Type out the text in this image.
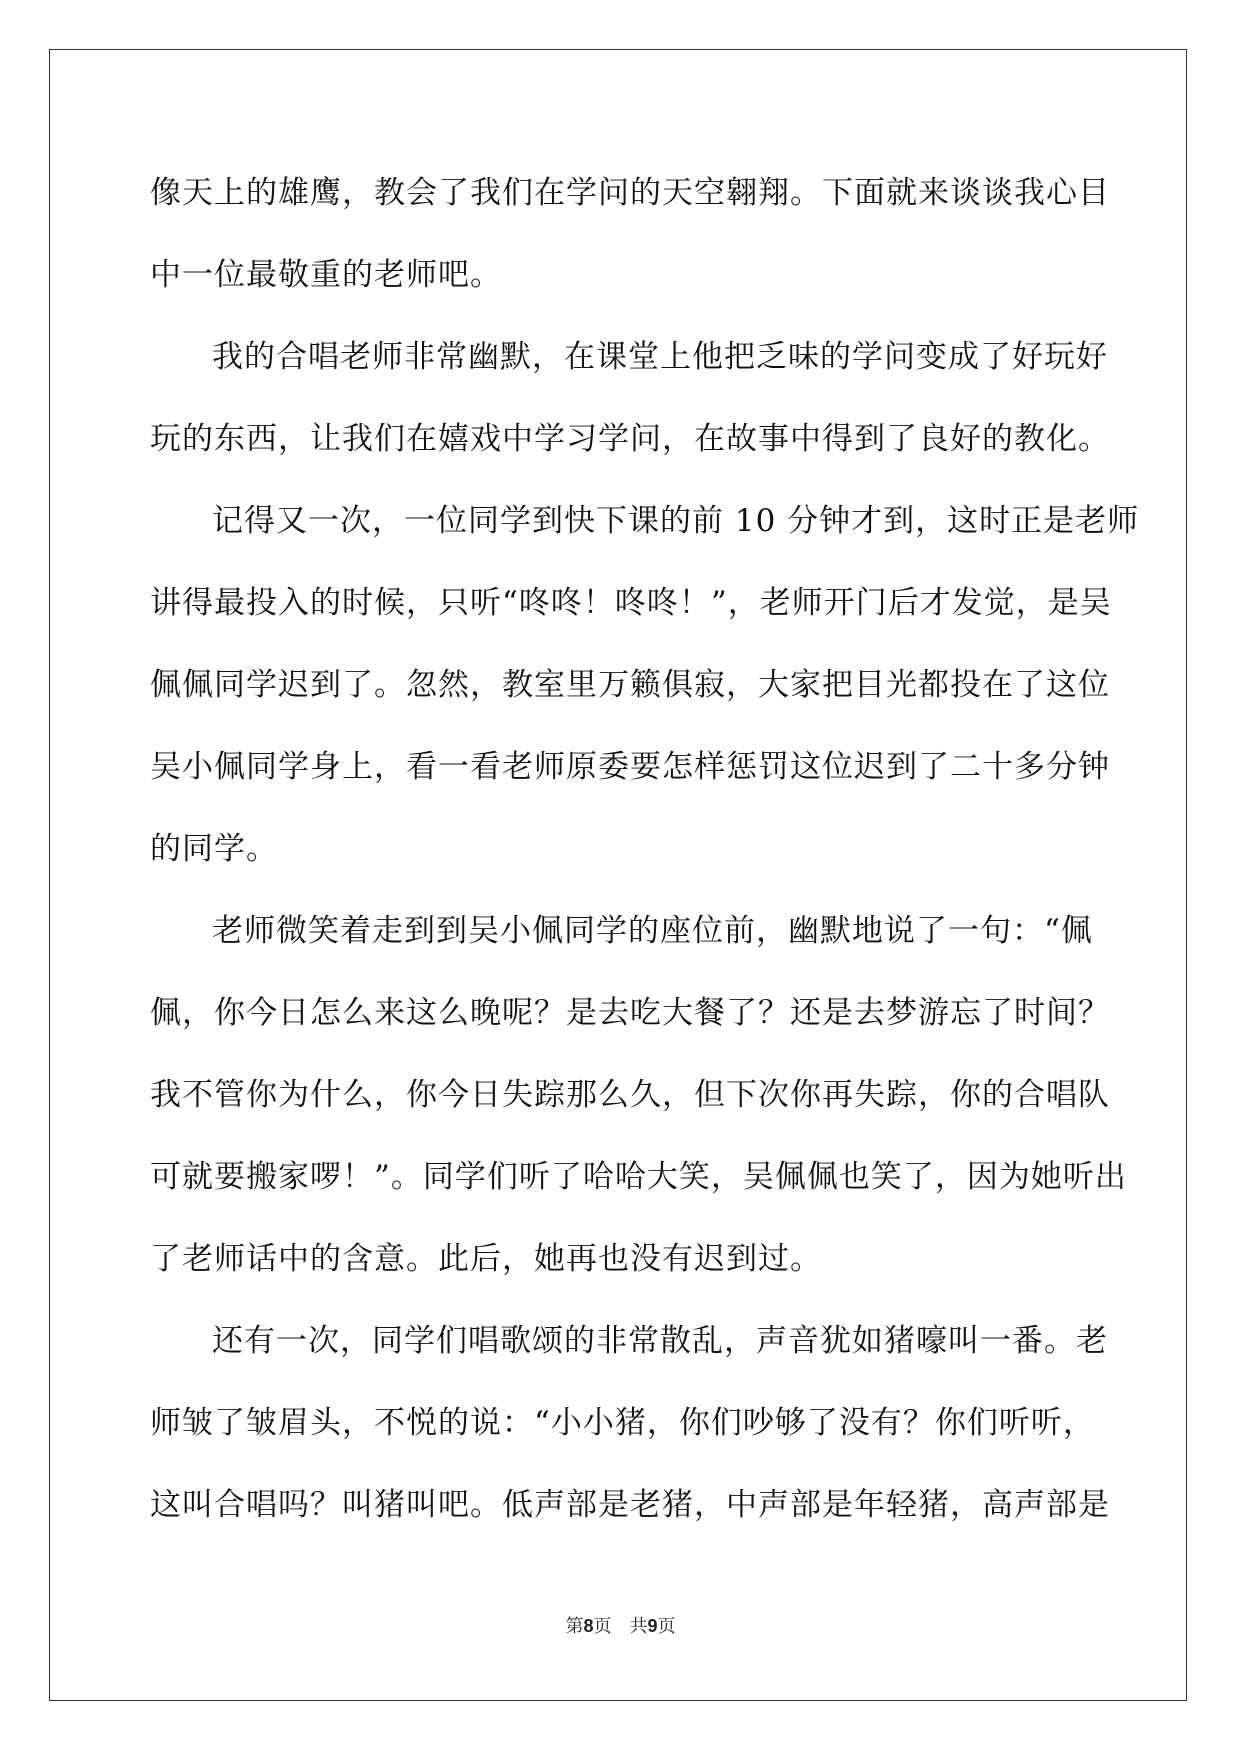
像天上的雄鹰，教会了我们在学问的天空翱翔。下面就来谈谈我心目
中一位最敬重的老师吧。
我的合唱老师非常幽默，在课堂上他把乏味的学问变成了好玩好
玩的东西，让我们在嬉戏中学习学问，在故事中得到了良好的教化。
记得又一次，一位同学到快下课的前 10 分钟才到，这时正是老师
讲得最投入的时候，只听“咚咚！咚咚！”，老师开门后才发觉，是吴
佩佩同学迟到了。忽然，教室里万籁俱寂，大家把目光都投在了这位
吴小佩同学身上，看一看老师原委要怎样惩罚这位迟到了二十多分钟
的同学。
老师微笑着走到到吴小佩同学的座位前，幽默地说了一句：“佩
佩，你今日怎么来这么晚呢？是去吃大餐了？还是去梦游忘了时间？
我不管你为什么，你今日失踪那么久，但下次你再失踪，你的合唱队
可就要搬家啰！”。同学们听了哈哈大笑，吴佩佩也笑了，因为她听出
了老师话中的含意。此后，她再也没有迟到过。
还有一次，同学们唱歌颂的非常散乱，声音犹如猪嚎叫一番。老
师皱了皱眉头，不悦的说：“小小猪，你们吵够了没有？你们听听，
这叫合唱吗？叫猪叫吧。低声部是老猪，中声部是年轻猪，高声部是
第8页 共9页
